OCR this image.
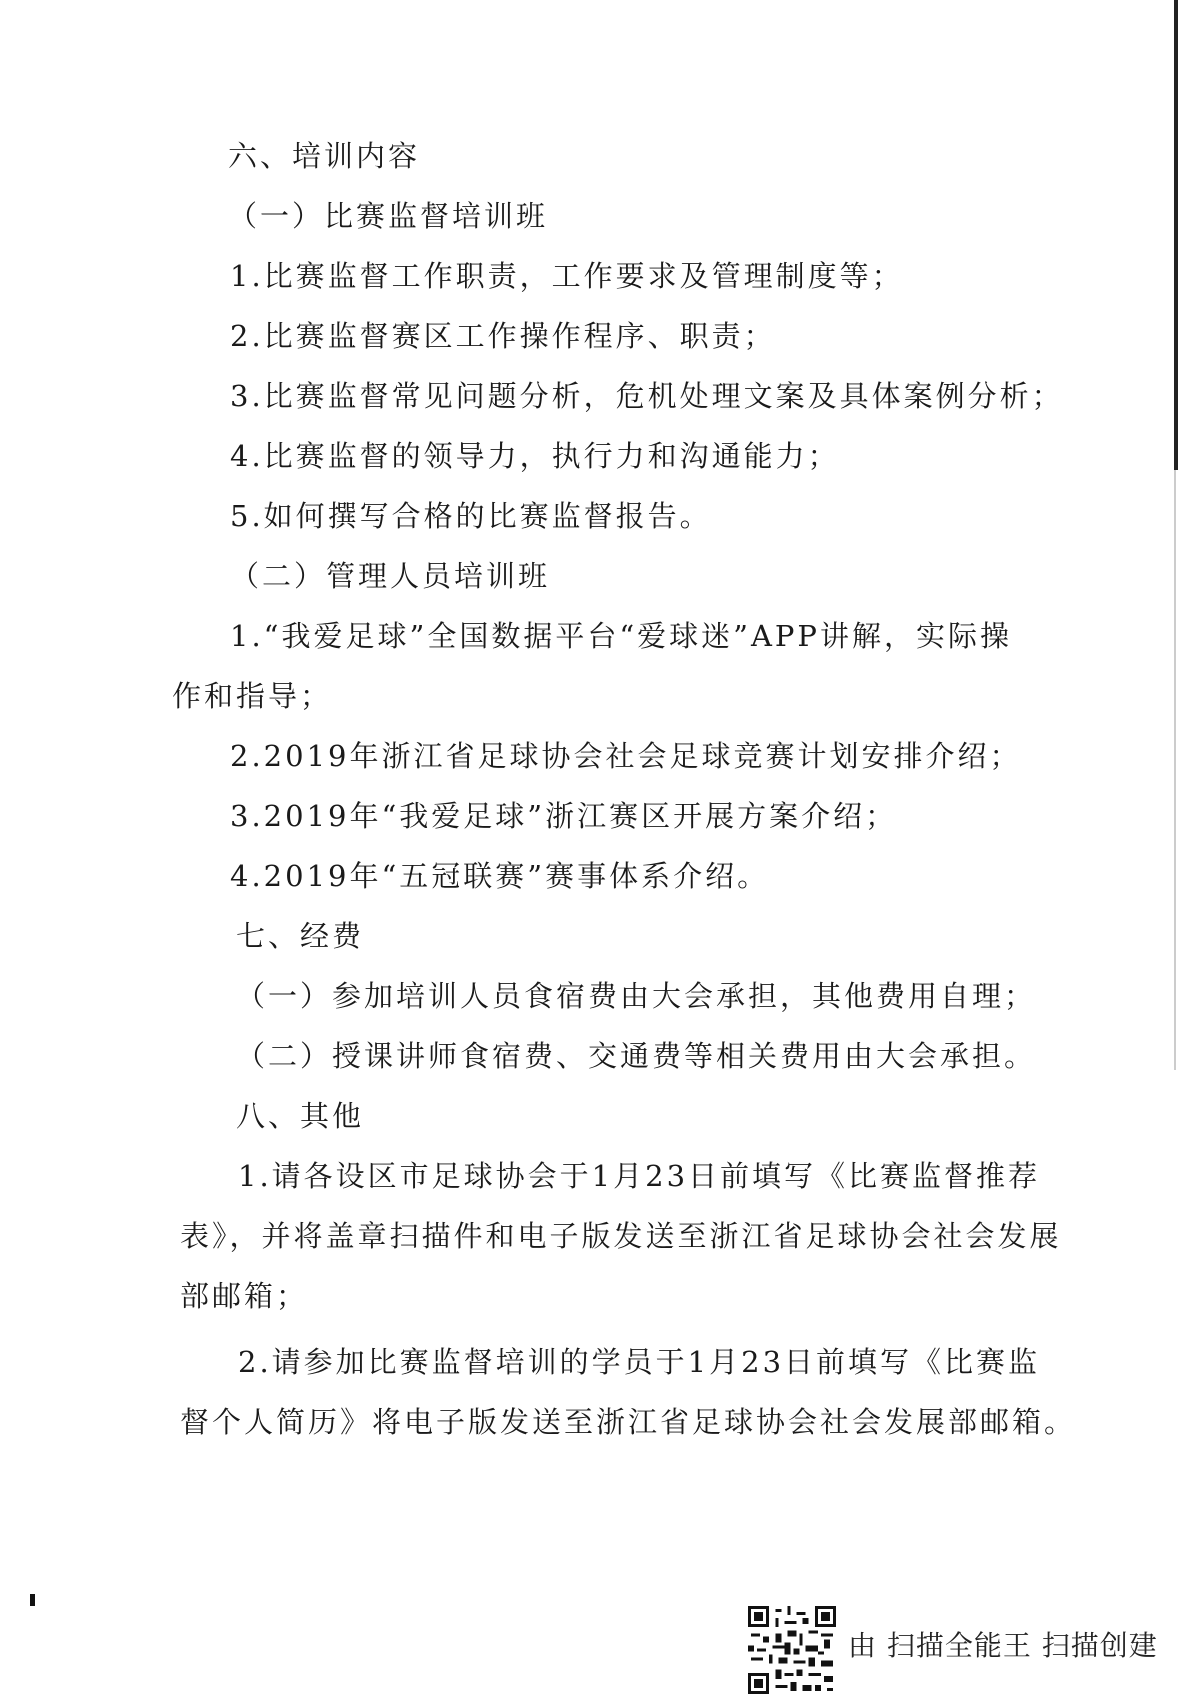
六、培训内容
（一）比赛监督培训班
1.比赛监督工作职责，工作要求及管理制度等；
2.比赛监督赛区工作操作程序、职责；
3.比赛监督常见问题分析，危机处理文案及具体案例分析；
4.比赛监督的领导力，执行力和沟通能力；
5.如何撰写合格的比赛监督报告。
（二）管理人员培训班
1.“我爱足球”全国数据平台“爱球迷”APP讲解，实际操
作和指导；
2.2019年浙江省足球协会社会足球竞赛计划安排介绍；
3.2019年“我爱足球”浙江赛区开展方案介绍；
4.2019年“五冠联赛”赛事体系介绍。
七、经费
（一）参加培训人员食宿费由大会承担，其他费用自理；
（二）授课讲师食宿费、交通费等相关费用由大会承担。
八、其他
1.请各设区市足球协会于1月23日前填写《比赛监督推荐
表》，并将盖章扫描件和电子版发送至浙江省足球协会社会发展
部邮箱；
2.请参加比赛监督培训的学员于1月23日前填写《比赛监
督个人简历》将电子版发送至浙江省足球协会社会发展部邮箱。
由 扫描全能王 扫描创建
